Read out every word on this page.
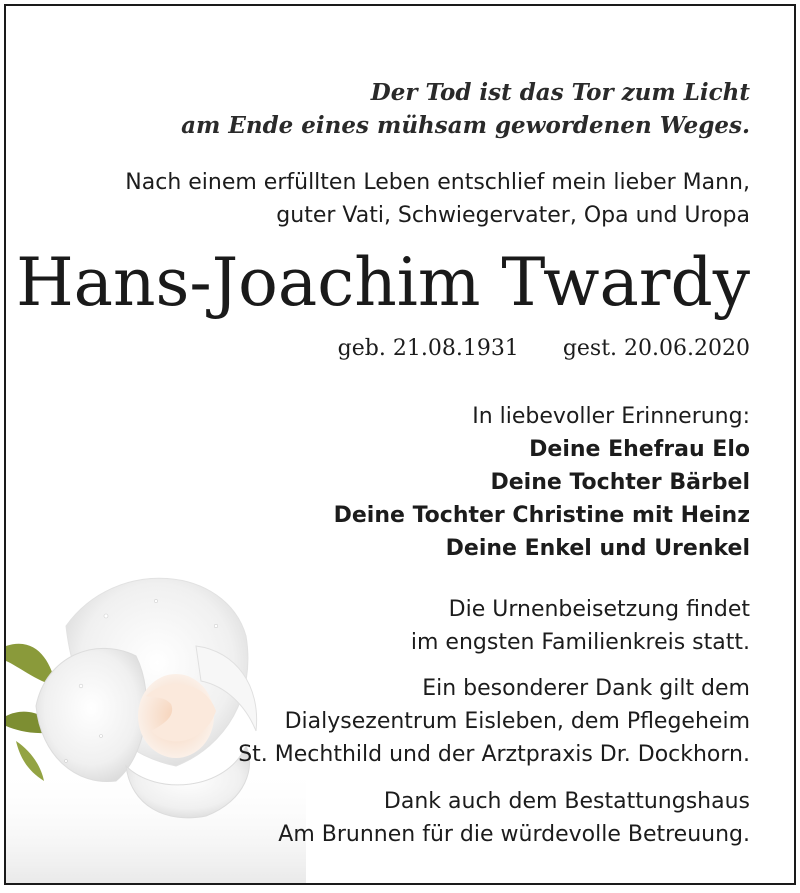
Der Tod ist das Tor zum Licht
am Ende eines mühsam gewordenen Weges.
Nach einem erfüllten Leben entschlief mein lieber Mann,
guter Vati, Schwiegervater, Opa und Uropa
Hans-Joachim Twardy
geb. 21.08.1931 gest. 20.06.2020
In liebevoller Erinnerung:
Deine Ehefrau Elo
Deine Tochter Bärbel
Deine Tochter Christine mit Heinz
Deine Enkel und Urenkel
Die Urnenbeisetzung findet
im engsten Familienkreis statt.
Ein besonderer Dank gilt dem
Dialysezentrum Eisleben, dem Pflegeheim
St. Mechthild und der Arztpraxis Dr. Dockhorn.
Dank auch dem Bestattungshaus
Am Brunnen für die würdevolle Betreuung.
